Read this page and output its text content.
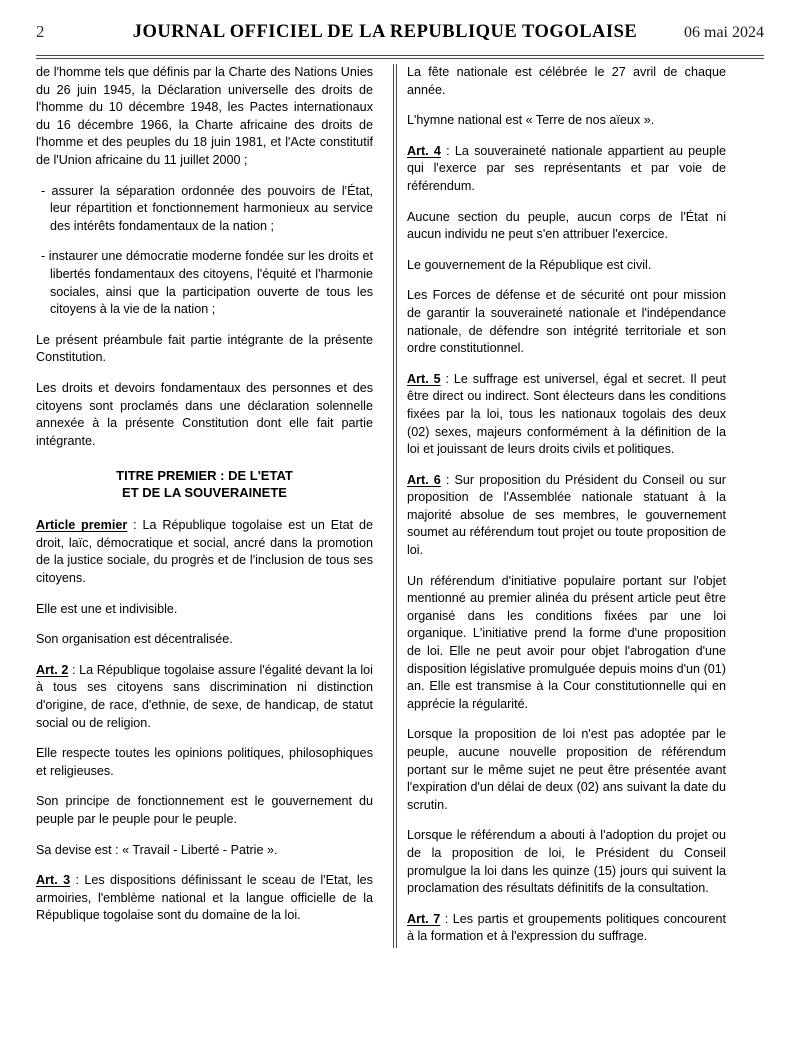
2	JOURNAL OFFICIEL DE LA REPUBLIQUE TOGOLAISE	06 mai 2024

de l'homme tels que définis par la Charte des Nations Unies du 26 juin 1945, la Déclaration universelle des droits de l'homme du 10 décembre 1948, les Pactes internationaux du 16 décembre 1966, la Charte africaine des droits de l'homme et des peuples du 18 juin 1981, et l'Acte constitutif de l'Union africaine du 11 juillet 2000 ;

- assurer la séparation ordonnée des pouvoirs de l'État, leur répartition et fonctionnement harmonieux au service des intérêts fondamentaux de la nation ;

- instaurer une démocratie moderne fondée sur les droits et libertés fondamentaux des citoyens, l'équité et l'harmonie sociales, ainsi que la participation ouverte de tous les citoyens à la vie de la nation ;

Le présent préambule fait partie intégrante de la présente Constitution.

Les droits et devoirs fondamentaux des personnes et des citoyens sont proclamés dans une déclaration solennelle annexée à la présente Constitution dont elle fait partie intégrante.

TITRE PREMIER : DE L'ETAT
ET DE LA SOUVERAINETE

Article premier : La République togolaise est un Etat de droit, laïc, démocratique et social, ancré dans la promotion de la justice sociale, du progrès et de l'inclusion de tous ses citoyens.

Elle est une et indivisible.

Son organisation est décentralisée.

Art. 2 : La République togolaise assure l'égalité devant la loi à tous ses citoyens sans discrimination ni distinction d'origine, de race, d'ethnie, de sexe, de handicap, de statut social ou de religion.

Elle respecte toutes les opinions politiques, philosophiques et religieuses.

Son principe de fonctionnement est le gouvernement du peuple par le peuple pour le peuple.

Sa devise est : « Travail - Liberté - Patrie ».

Art. 3 : Les dispositions définissant le sceau de l'Etat, les armoiries, l'emblème national et la langue officielle de la République togolaise sont du domaine de la loi.

La fête nationale est célébrée le 27 avril de chaque année.

L'hymne national est « Terre de nos aïeux ».

Art. 4 : La souveraineté nationale appartient au peuple qui l'exerce par ses représentants et par voie de référendum.

Aucune section du peuple, aucun corps de l'État ni aucun individu ne peut s'en attribuer l'exercice.

Le gouvernement de la République est civil.

Les Forces de défense et de sécurité ont pour mission de garantir la souveraineté nationale et l'indépendance nationale, de défendre son intégrité territoriale et son ordre constitutionnel.

Art. 5 : Le suffrage est universel, égal et secret. Il peut être direct ou indirect. Sont électeurs dans les conditions fixées par la loi, tous les nationaux togolais des deux (02) sexes, majeurs conformément à la définition de la loi et jouissant de leurs droits civils et politiques.

Art. 6 : Sur proposition du Président du Conseil ou sur proposition de l'Assemblée nationale statuant à la majorité absolue de ses membres, le gouvernement soumet au référendum tout projet ou toute proposition de loi.

Un référendum d'initiative populaire portant sur l'objet mentionné au premier alinéa du présent article peut être organisé dans les conditions fixées par une loi organique. L'initiative prend la forme d'une proposition de loi. Elle ne peut avoir pour objet l'abrogation d'une disposition législative promulguée depuis moins d'un (01) an. Elle est transmise à la Cour constitutionnelle qui en apprécie la régularité.

Lorsque la proposition de loi n'est pas adoptée par le peuple, aucune nouvelle proposition de référendum portant sur le même sujet ne peut être présentée avant l'expiration d'un délai de deux (02) ans suivant la date du scrutin.

Lorsque le référendum a abouti à l'adoption du projet ou de la proposition de loi, le Président du Conseil promulgue la loi dans les quinze (15) jours qui suivent la proclamation des résultats définitifs de la consultation.

Art. 7 : Les partis et groupements politiques concourent à la formation et à l'expression du suffrage.
